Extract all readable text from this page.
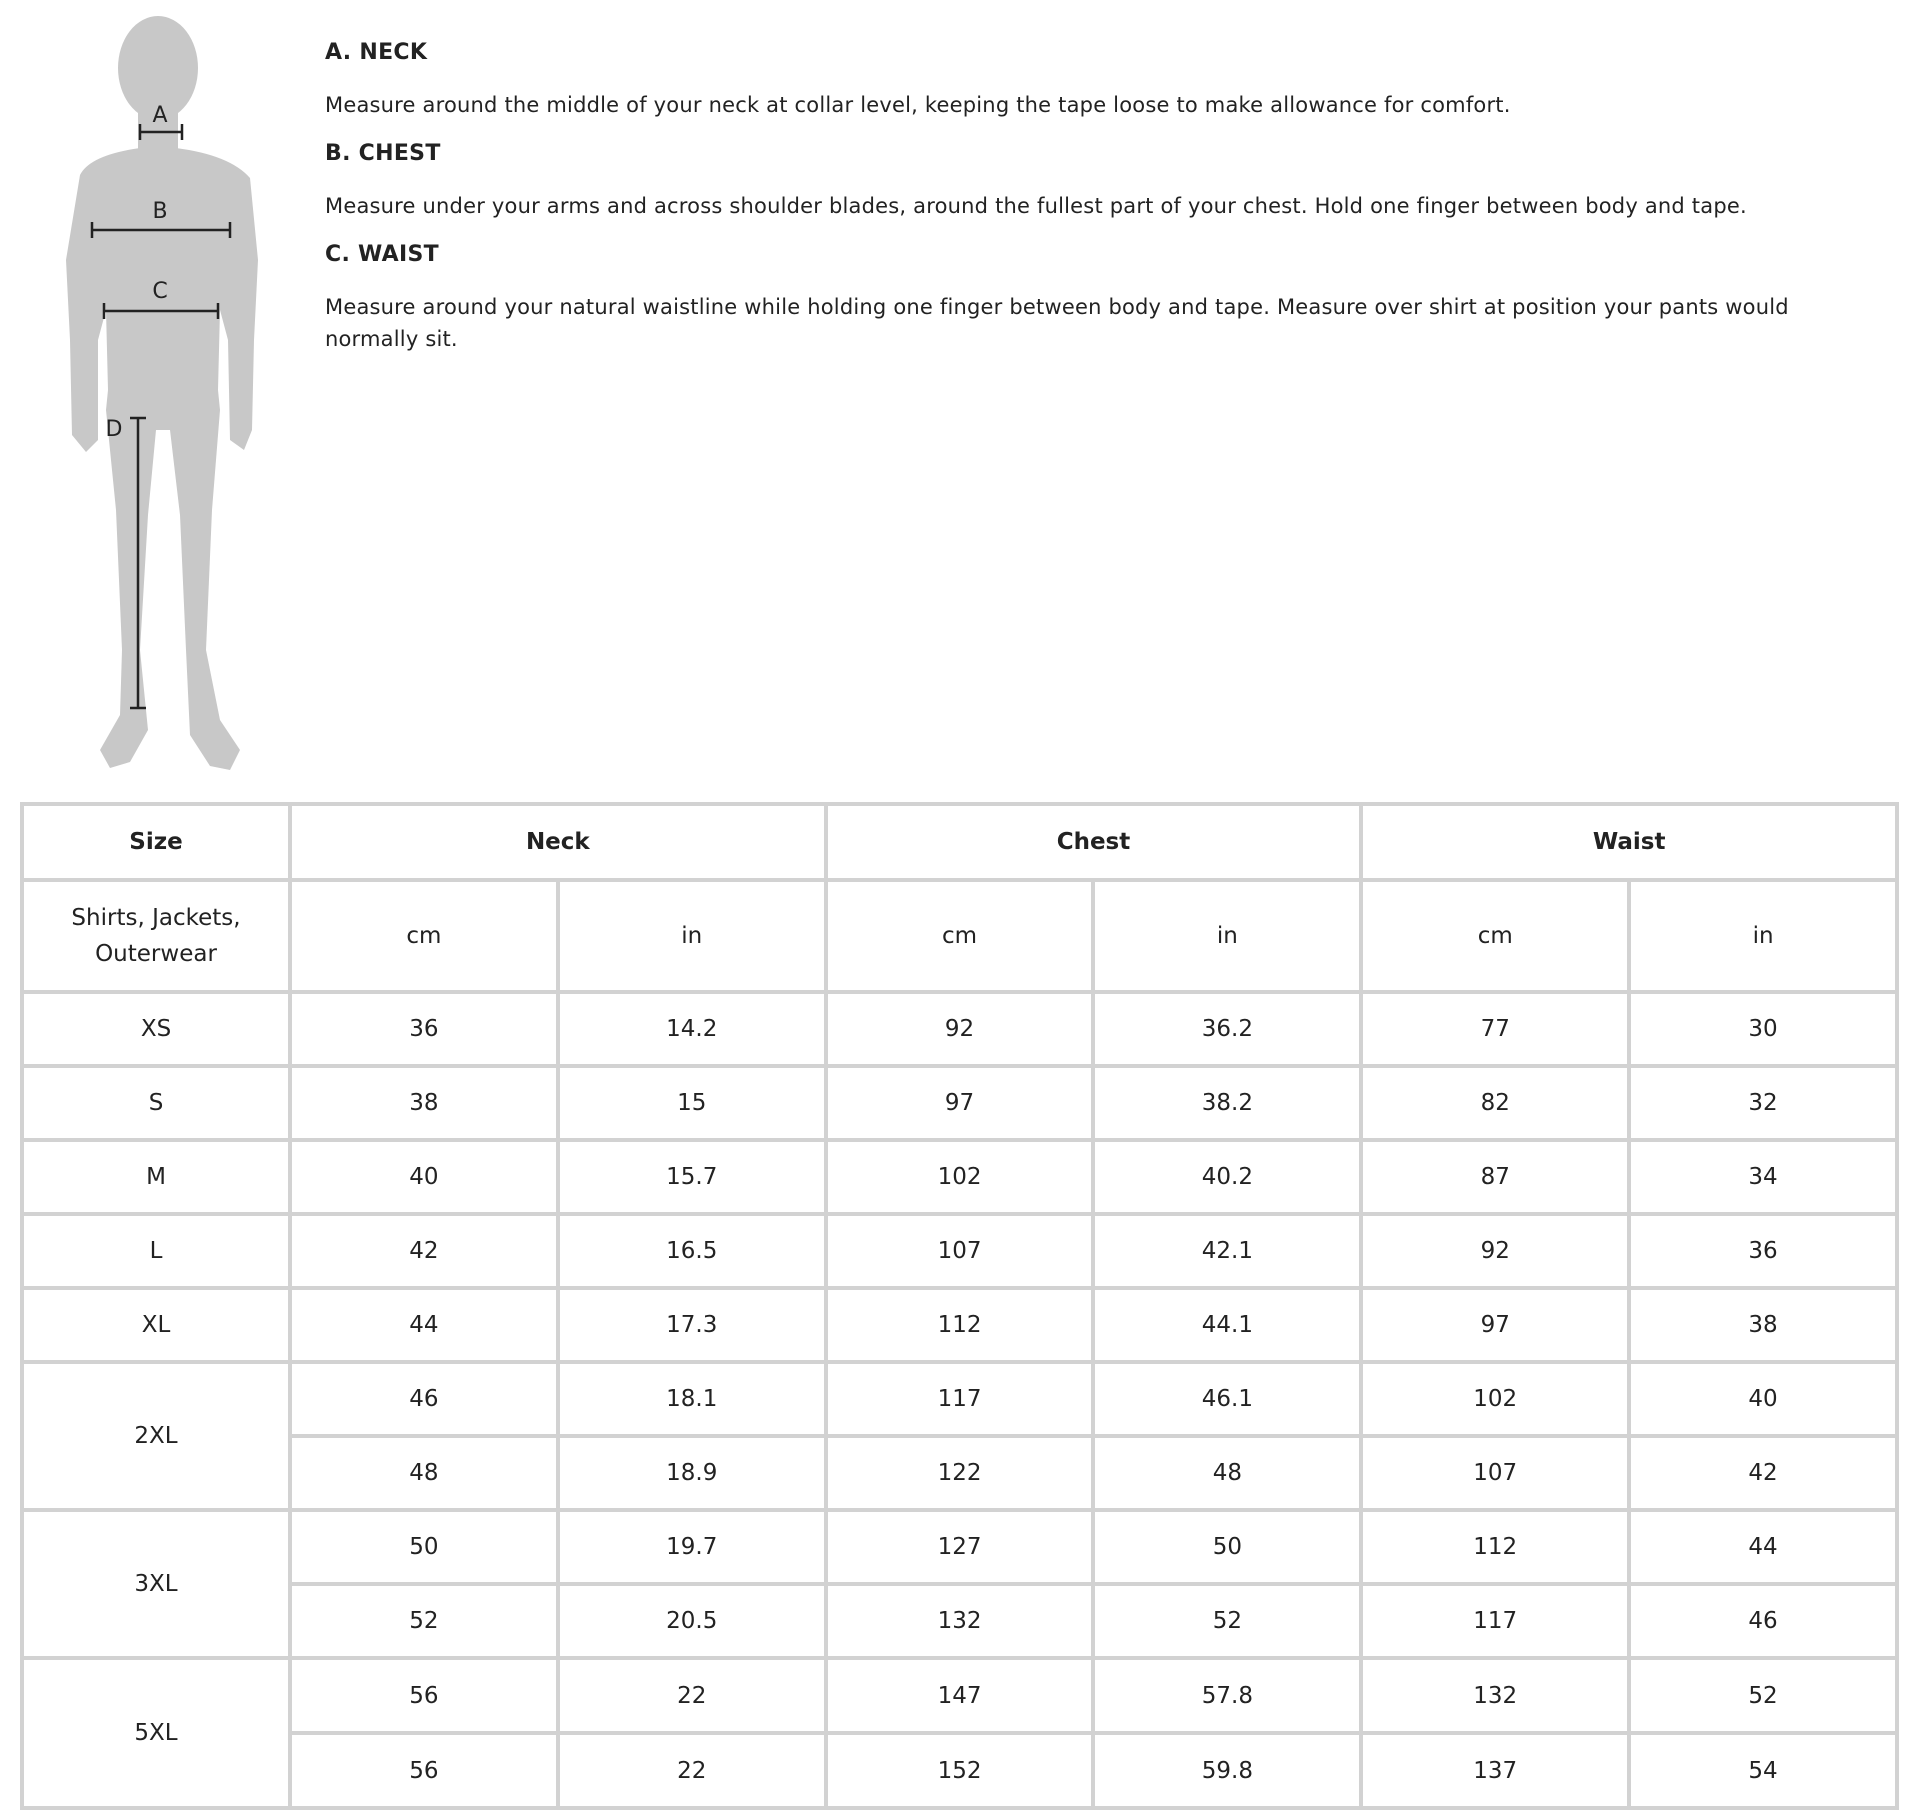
A
B
C
D
A. NECK

Measure around the middle of your neck at collar level, keeping the tape loose to make allowance for comfort.

B. CHEST

Measure under your arms and across shoulder blades, around the fullest part of your chest. Hold one finger between body and tape.

C. WAIST

Measure around your natural waistline while holding one finger between body and tape. Measure over shirt at position your pants would normally sit.

Size	Neck		Chest		Waist	
Shirts, Jackets, Outerwear	cm	in	cm	in	cm	in
XS	36	14.2	92	36.2	77	30
S	38	15	97	38.2	82	32
M	40	15.7	102	40.2	87	34
L	42	16.5	107	42.1	92	36
XL	44	17.3	112	44.1	97	38
2XL	46	18.1	117	46.1	102	40
	48	18.9	122	48	107	42
3XL	50	19.7	127	50	112	44
	52	20.5	132	52	117	46
5XL	56	22	147	57.8	132	52
	56	22	152	59.8	137	54
